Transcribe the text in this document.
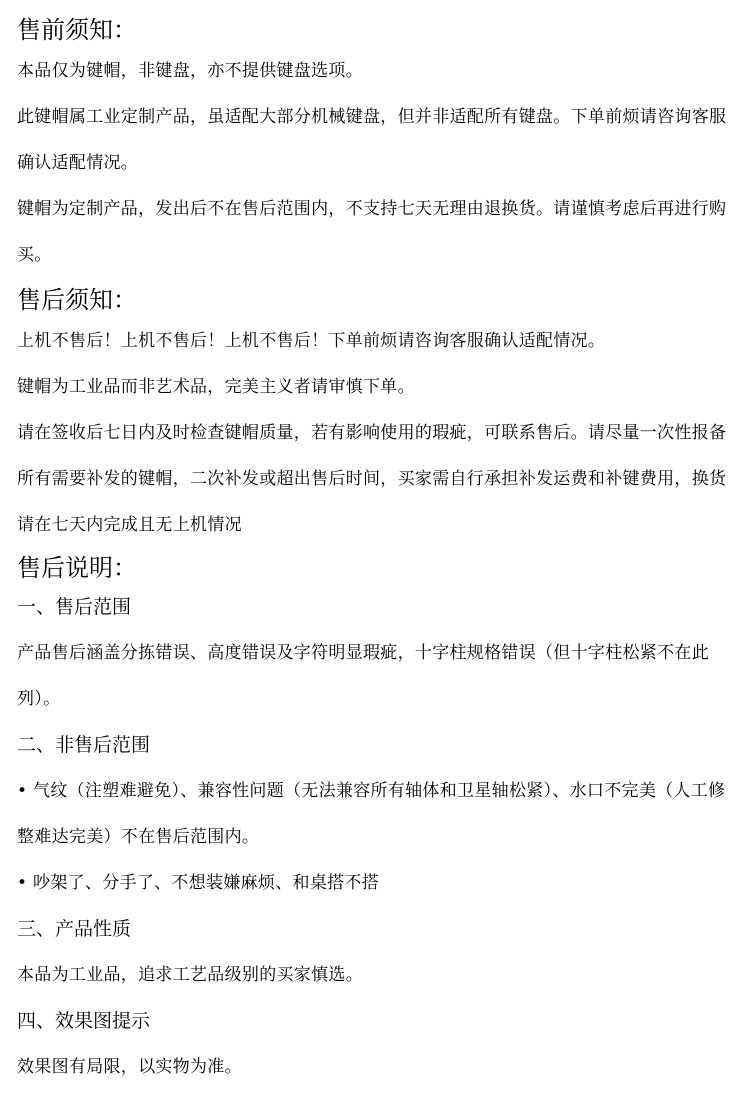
售前须知：

本品仅为键帽，非键盘，亦不提供键盘选项。

此键帽属工业定制产品，虽适配大部分机械键盘，但并非适配所有键盘。下单前烦请咨询客服确认适配情况。

键帽为定制产品，发出后不在售后范围内，不支持七天无理由退换货。请谨慎考虑后再进行购买。

售后须知：

上机不售后！上机不售后！上机不售后！下单前烦请咨询客服确认适配情况。

键帽为工业品而非艺术品，完美主义者请审慎下单。

请在签收后七日内及时检查键帽质量，若有影响使用的瑕疵，可联系售后。请尽量一次性报备所有需要补发的键帽，二次补发或超出售后时间，买家需自行承担补发运费和补键费用，换货请在七天内完成且无上机情况

售后说明：

一、售后范围

产品售后涵盖分拣错误、高度错误及字符明显瑕疵，十字柱规格错误（但十字柱松紧不在此列）。

二、非售后范围

• 气纹（注塑难避免）、兼容性问题（无法兼容所有轴体和卫星轴松紧）、水口不完美（人工修整难达完美）不在售后范围内。

• 吵架了、分手了、不想装嫌麻烦、和桌搭不搭

三、产品性质

本品为工业品，追求工艺品级别的买家慎选。

四、效果图提示

效果图有局限，以实物为准。
